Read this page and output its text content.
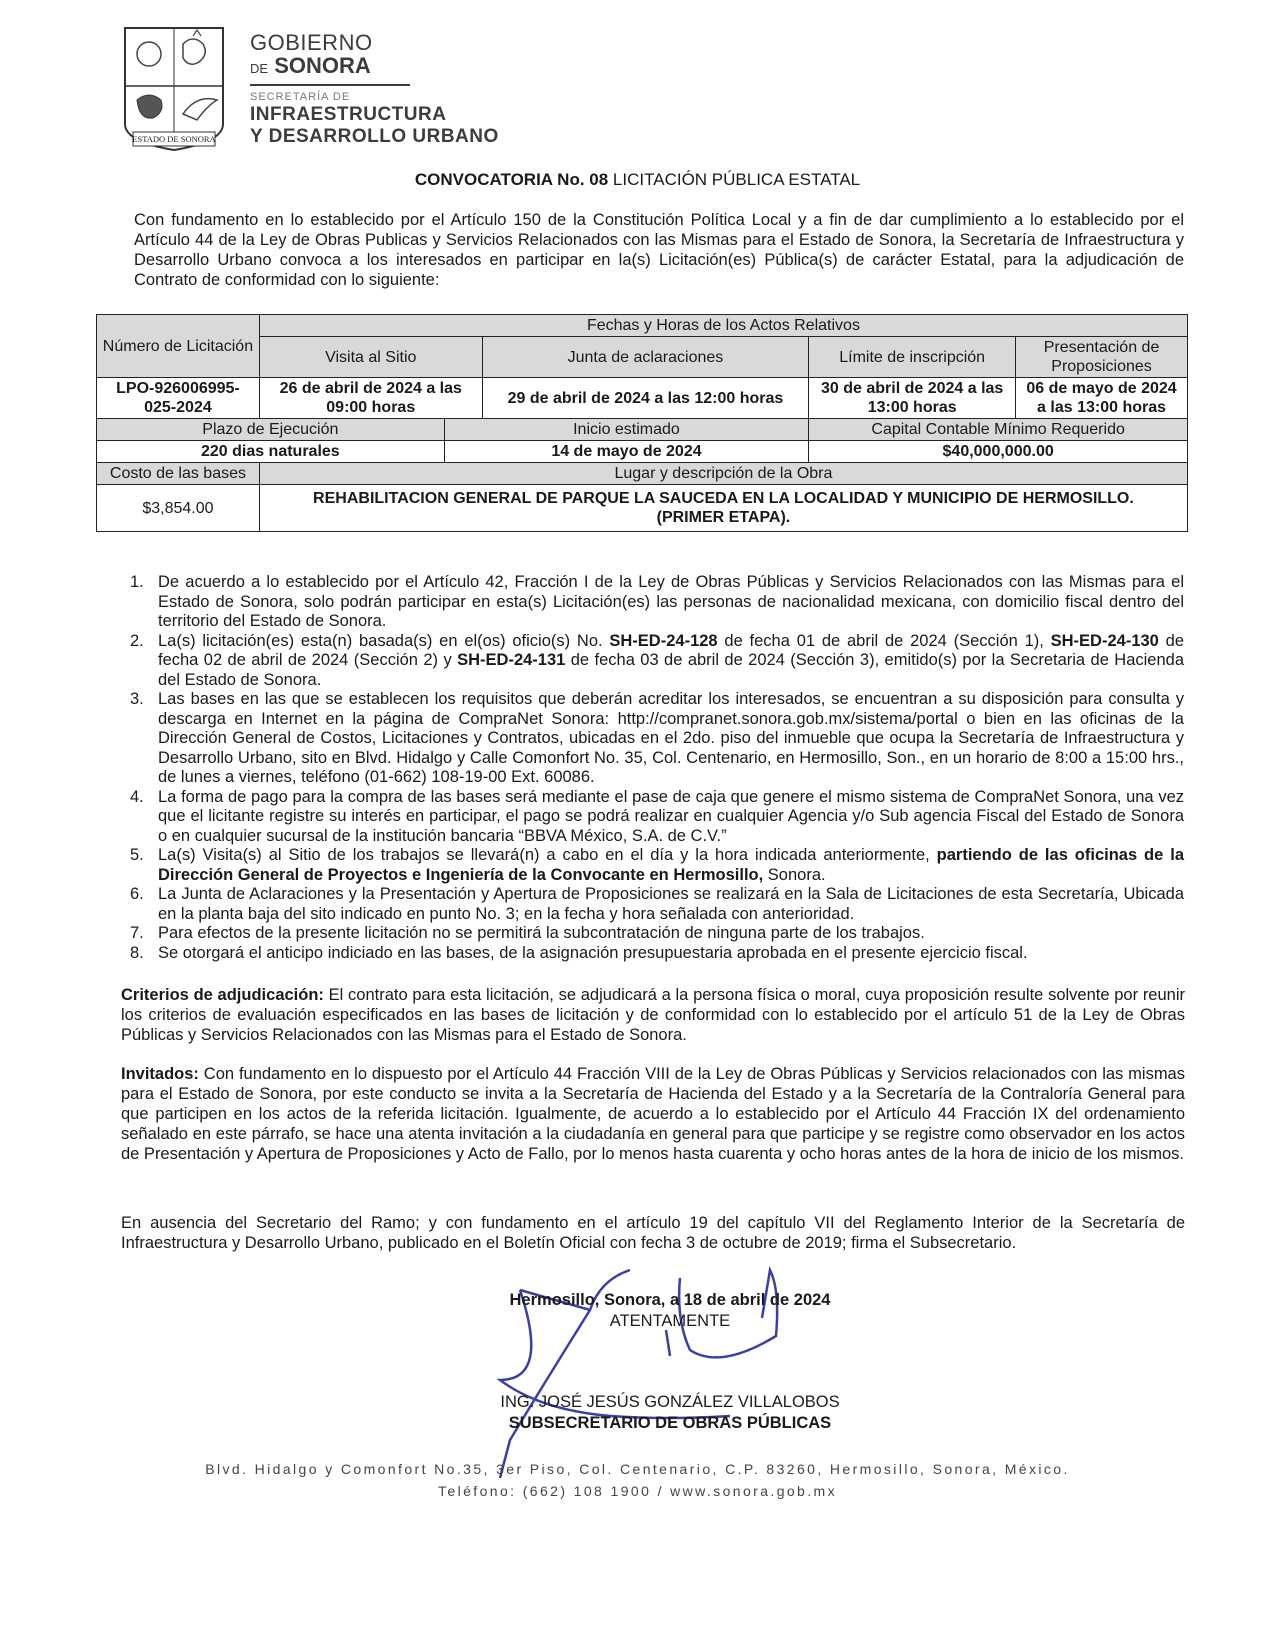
ESTADO DE SONORA
GOBIERNO
DE SONORA
SECRETARÍA DE
INFRAESTRUCTURA
Y DESARROLLO URBANO
CONVOCATORIA No. 08 LICITACIÓN PÚBLICA ESTATAL
Con fundamento en lo establecido por el Artículo 150 de la Constitución Política Local y a fin de dar cumplimiento a lo establecido por el Artículo 44 de la Ley de Obras Publicas y Servicios Relacionados con las Mismas para el Estado de Sonora, la Secretaría de Infraestructura y Desarrollo Urbano convoca a los interesados en participar en la(s) Licitación(es) Pública(s) de carácter Estatal, para la adjudicación de Contrato de conformidad con lo siguiente:
Número de Licitación	Fechas y Horas de los Actos Relativos				
	Visita al Sitio		Junta de aclaraciones	Límite de inscripción	Presentación de Proposiciones
LPO-926006995-025-2024	26 de abril de 2024 a las 09:00 horas		29 de abril de 2024 a las 12:00 horas	30 de abril de 2024 a las 13:00 horas	06 de mayo de 2024 a las 13:00 horas
Plazo de Ejecución		Inicio estimado		Capital Contable Mínimo Requerido	
220 dias naturales		14 de mayo de 2024		$40,000,000.00	
Costo de las bases	Lugar y descripción de la Obra				
$3,854.00	REHABILITACION GENERAL DE PARQUE LA SAUCEDA EN LA LOCALIDAD Y MUNICIPIO DE HERMOSILLO. (PRIMER ETAPA).				
1. De acuerdo a lo establecido por el Artículo 42, Fracción I de la Ley de Obras Públicas y Servicios Relacionados con las Mismas para el Estado de Sonora, solo podrán participar en esta(s) Licitación(es) las personas de nacionalidad mexicana, con domicilio fiscal dentro del territorio del Estado de Sonora.
2. La(s) licitación(es) esta(n) basada(s) en el(os) oficio(s) No. SH-ED-24-128 de fecha 01 de abril de 2024 (Sección 1), SH-ED-24-130 de fecha 02 de abril de 2024 (Sección 2) y SH-ED-24-131 de fecha 03 de abril de 2024 (Sección 3), emitido(s) por la Secretaria de Hacienda del Estado de Sonora.
3. Las bases en las que se establecen los requisitos que deberán acreditar los interesados, se encuentran a su disposición para consulta y descarga en Internet en la página de CompraNet Sonora: http://compranet.sonora.gob.mx/sistema/portal o bien en las oficinas de la Dirección General de Costos, Licitaciones y Contratos, ubicadas en el 2do. piso del inmueble que ocupa la Secretaría de Infraestructura y Desarrollo Urbano, sito en Blvd. Hidalgo y Calle Comonfort No. 35, Col. Centenario, en Hermosillo, Son., en un horario de 8:00 a 15:00 hrs., de lunes a viernes, teléfono (01-662) 108-19-00 Ext. 60086.
4. La forma de pago para la compra de las bases será mediante el pase de caja que genere el mismo sistema de CompraNet Sonora, una vez que el licitante registre su interés en participar, el pago se podrá realizar en cualquier Agencia y/o Sub agencia Fiscal del Estado de Sonora o en cualquier sucursal de la institución bancaria “BBVA México, S.A. de C.V.”
5. La(s) Visita(s) al Sitio de los trabajos se llevará(n) a cabo en el día y la hora indicada anteriormente, partiendo de las oficinas de la Dirección General de Proyectos e Ingeniería de la Convocante en Hermosillo, Sonora.
6. La Junta de Aclaraciones y la Presentación y Apertura de Proposiciones se realizará en la Sala de Licitaciones de esta Secretaría, Ubicada en la planta baja del sito indicado en punto No. 3; en la fecha y hora señalada con anterioridad.
7. Para efectos de la presente licitación no se permitirá la subcontratación de ninguna parte de los trabajos.
8. Se otorgará el anticipo indiciado en las bases, de la asignación presupuestaria aprobada en el presente ejercicio fiscal.
Criterios de adjudicación: El contrato para esta licitación, se adjudicará a la persona física o moral, cuya proposición resulte solvente por reunir los criterios de evaluación especificados en las bases de licitación y de conformidad con lo establecido por el artículo 51 de la Ley de Obras Públicas y Servicios Relacionados con las Mismas para el Estado de Sonora.
Invitados: Con fundamento en lo dispuesto por el Artículo 44 Fracción VIII de la Ley de Obras Públicas y Servicios relacionados con las mismas para el Estado de Sonora, por este conducto se invita a la Secretaría de Hacienda del Estado y a la Secretaría de la Contraloría General para que participen en los actos de la referida licitación. Igualmente, de acuerdo a lo establecido por el Artículo 44 Fracción IX del ordenamiento señalado en este párrafo, se hace una atenta invitación a la ciudadanía en general para que participe y se registre como observador en los actos de Presentación y Apertura de Proposiciones y Acto de Fallo, por lo menos hasta cuarenta y ocho horas antes de la hora de inicio de los mismos.
En ausencia del Secretario del Ramo; y con fundamento en el artículo 19 del capítulo VII del Reglamento Interior de la Secretaría de Infraestructura y Desarrollo Urbano, publicado en el Boletín Oficial con fecha 3 de octubre de 2019; firma el Subsecretario.
Hermosillo, Sonora, a 18 de abril de 2024
ATENTAMENTE
ING. JOSÉ JESÚS GONZÁLEZ VILLALOBOS
SUBSECRETARIO DE OBRAS PÚBLICAS
Blvd. Hidalgo y Comonfort No.35, 3er Piso, Col. Centenario, C.P. 83260, Hermosillo, Sonora, México.
Teléfono: (662) 108 1900 / www.sonora.gob.mx
